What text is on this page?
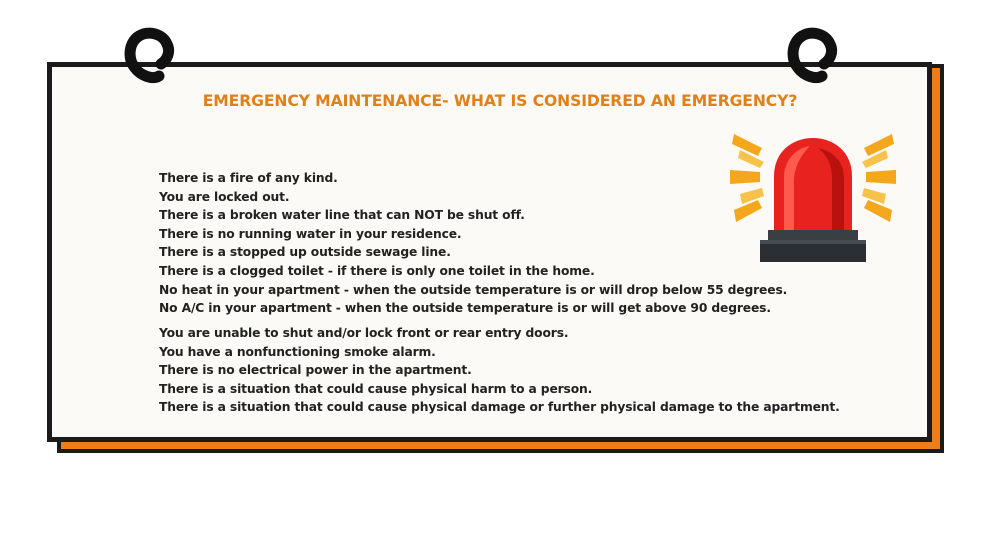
EMERGENCY MAINTENANCE- WHAT IS CONSIDERED AN EMERGENCY?
There is a fire of any kind.
You are locked out.
There is a broken water line that can NOT be shut off.
There is no running water in your residence.
There is a stopped up outside sewage line.
There is a clogged toilet - if there is only one toilet in the home.
No heat in your apartment - when the outside temperature is or will drop below 55 degrees.
No A/C in your apartment - when the outside temperature is or will get above 90 degrees.
You are unable to shut and/or lock front or rear entry doors.
You have a nonfunctioning smoke alarm.
There is no electrical power in the apartment.
There is a situation that could cause physical harm to a person.
There is a situation that could cause physical damage or further physical damage to the apartment.
